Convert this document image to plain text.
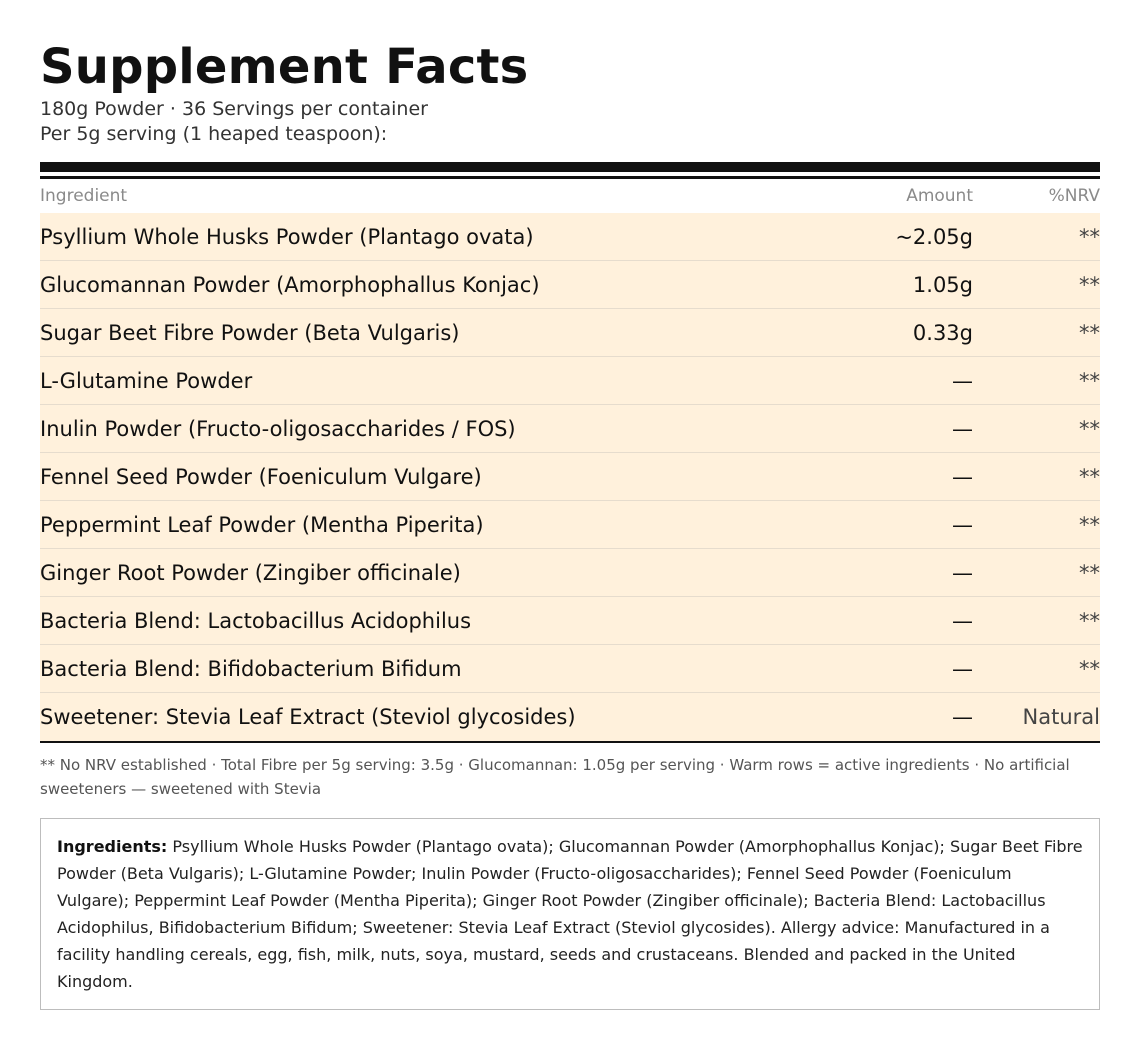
Supplement Facts
180g Powder · 36 Servings per container
Per 5g serving (1 heaped teaspoon):
Ingredient	Amount	%NRV
Psyllium Whole Husks Powder (Plantago ovata)	~2.05g	**
Glucomannan Powder (Amorphophallus Konjac)	1.05g	**
Sugar Beet Fibre Powder (Beta Vulgaris)	0.33g	**
L-Glutamine Powder	—	**
Inulin Powder (Fructo-oligosaccharides / FOS)	—	**
Fennel Seed Powder (Foeniculum Vulgare)	—	**
Peppermint Leaf Powder (Mentha Piperita)	—	**
Ginger Root Powder (Zingiber officinale)	—	**
Bacteria Blend: Lactobacillus Acidophilus	—	**
Bacteria Blend: Bifidobacterium Bifidum	—	**
Sweetener: Stevia Leaf Extract (Steviol glycosides)	— Natural
** No NRV established · Total Fibre per 5g serving: 3.5g · Glucomannan: 1.05g per serving · Warm rows = active ingredients · No artificial sweeteners — sweetened with Stevia
Ingredients: Psyllium Whole Husks Powder (Plantago ovata); Glucomannan Powder (Amorphophallus Konjac); Sugar Beet Fibre Powder (Beta Vulgaris); L-Glutamine Powder; Inulin Powder (Fructo-oligosaccharides); Fennel Seed Powder (Foeniculum Vulgare); Peppermint Leaf Powder (Mentha Piperita); Ginger Root Powder (Zingiber officinale); Bacteria Blend: Lactobacillus Acidophilus, Bifidobacterium Bifidum; Sweetener: Stevia Leaf Extract (Steviol glycosides). Allergy advice: Manufactured in a facility handling cereals, egg, fish, milk, nuts, soya, mustard, seeds and crustaceans. Blended and packed in the United Kingdom.
